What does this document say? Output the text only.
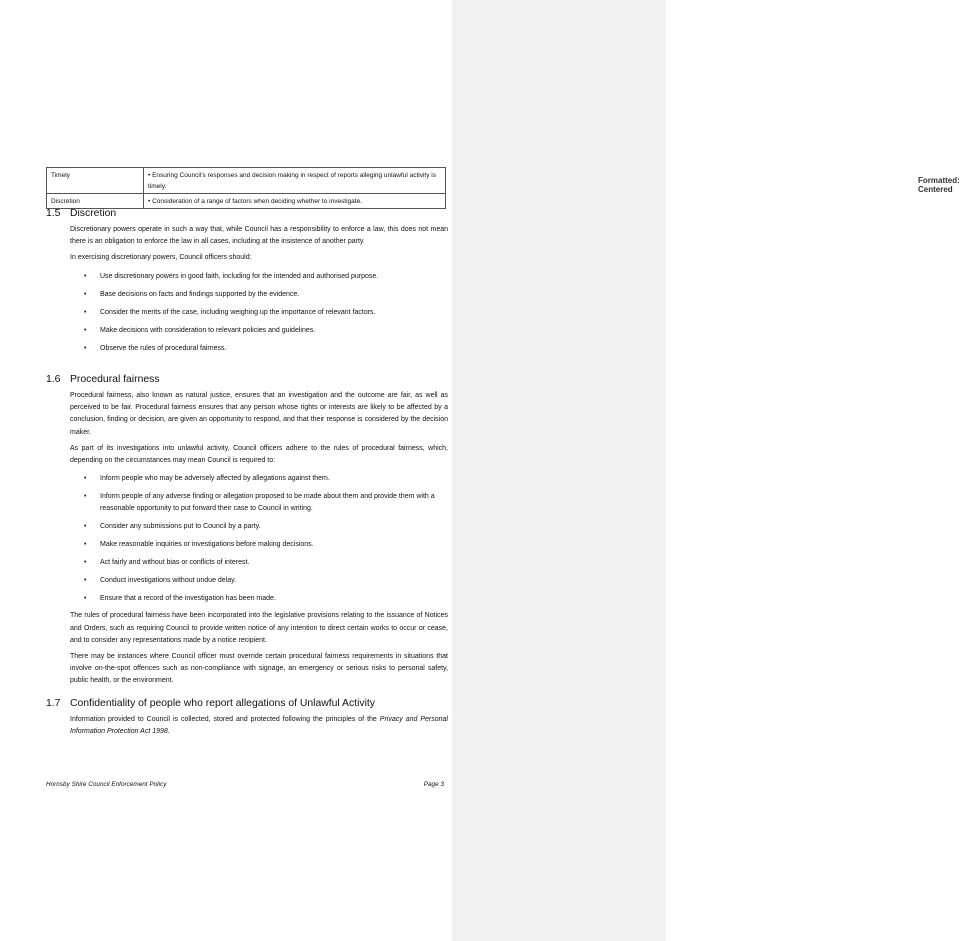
Formatted: Centered
Timely	• Ensuring Council’s responses and decision making in respect of reports alleging unlawful activity is timely.
Discretion	• Consideration of a range of factors when deciding whether to investigate.
1.5 Discretion

Discretionary powers operate in such a way that, while Council has a responsibility to enforce a law, this does not mean there is an obligation to enforce the law in all cases, including at the insistence of another party.

In exercising discretionary powers, Council officers should:

• Use discretionary powers in good faith, including for the intended and authorised purpose.
• Base decisions on facts and findings supported by the evidence.
• Consider the merits of the case, including weighing up the importance of relevant factors.
• Make decisions with consideration to relevant policies and guidelines.
• Observe the rules of procedural fairness.
1.6 Procedural fairness

Procedural fairness, also known as natural justice, ensures that an investigation and the outcome are fair, as well as perceived to be fair. Procedural fairness ensures that any person whose rights or interests are likely to be affected by a conclusion, finding or decision, are given an opportunity to respond, and that their response is considered by the decision maker.

As part of its investigations into unlawful activity, Council officers adhere to the rules of procedural fairness, which, depending on the circumstances may mean Council is required to:

• Inform people who may be adversely affected by allegations against them.
• Inform people of any adverse finding or allegation proposed to be made about them and provide them with a reasonable opportunity to put forward their case to Council in writing.
• Consider any submissions put to Council by a party.
• Make reasonable inquiries or investigations before making decisions.
• Act fairly and without bias or conflicts of interest.
• Conduct investigations without undue delay.
• Ensure that a record of the investigation has been made.

The rules of procedural fairness have been incorporated into the legislative provisions relating to the issuance of Notices and Orders, such as requiring Council to provide written notice of any intention to direct certain works to occur or cease, and to consider any representations made by a notice recipient.

There may be instances where Council officer must override certain procedural fairness requirements in situations that involve on-the-spot offences such as non-compliance with signage, an emergency or serious risks to personal safety, public health, or the environment.

1.7 Confidentiality of people who report allegations of Unlawful Activity

Information provided to Council is collected, stored and protected following the principles of the Privacy and Personal Information Protection Act 1998.

Hornsby Shire Council Enforcement Policy	Page 3
